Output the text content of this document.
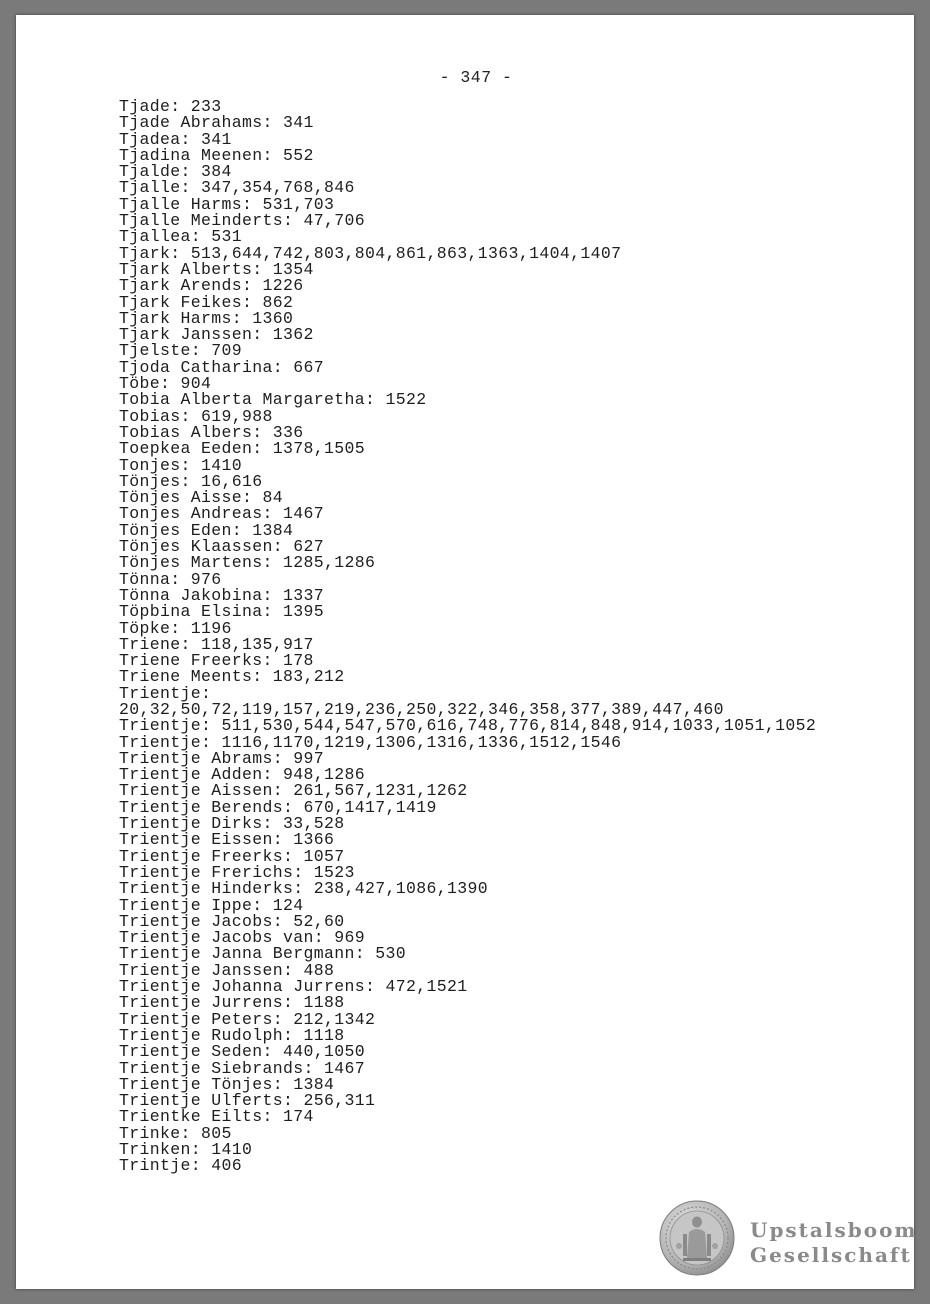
- 347 -
Tjade: 233
Tjade Abrahams: 341
Tjadea: 341
Tjadina Meenen: 552
Tjalde: 384
Tjalle: 347,354,768,846
Tjalle Harms: 531,703
Tjalle Meinderts: 47,706
Tjallea: 531
Tjark: 513,644,742,803,804,861,863,1363,1404,1407
Tjark Alberts: 1354
Tjark Arends: 1226
Tjark Feikes: 862
Tjark Harms: 1360
Tjark Janssen: 1362
Tjelste: 709
Tjoda Catharina: 667
Töbe: 904
Tobia Alberta Margaretha: 1522
Tobias: 619,988
Tobias Albers: 336
Toepkea Eeden: 1378,1505
Tonjes: 1410
Tönjes: 16,616
Tönjes Aisse: 84
Tonjes Andreas: 1467
Tönjes Eden: 1384
Tönjes Klaassen: 627
Tönjes Martens: 1285,1286
Tönna: 976
Tönna Jakobina: 1337
Töpbina Elsina: 1395
Töpke: 1196
Triene: 118,135,917
Triene Freerks: 178
Triene Meents: 183,212
Trientje:
20,32,50,72,119,157,219,236,250,322,346,358,377,389,447,460
Trientje: 511,530,544,547,570,616,748,776,814,848,914,1033,1051,1052
Trientje: 1116,1170,1219,1306,1316,1336,1512,1546
Trientje Abrams: 997
Trientje Adden: 948,1286
Trientje Aissen: 261,567,1231,1262
Trientje Berends: 670,1417,1419
Trientje Dirks: 33,528
Trientje Eissen: 1366
Trientje Freerks: 1057
Trientje Frerichs: 1523
Trientje Hinderks: 238,427,1086,1390
Trientje Ippe: 124
Trientje Jacobs: 52,60
Trientje Jacobs van: 969
Trientje Janna Bergmann: 530
Trientje Janssen: 488
Trientje Johanna Jurrens: 472,1521
Trientje Jurrens: 1188
Trientje Peters: 212,1342
Trientje Rudolph: 1118
Trientje Seden: 440,1050
Trientje Siebrands: 1467
Trientje Tönjes: 1384
Trientje Ulferts: 256,311
Trientke Eilts: 174
Trinke: 805
Trinken: 1410
Trintje: 406
Upstalsboom
Gesellschaft
